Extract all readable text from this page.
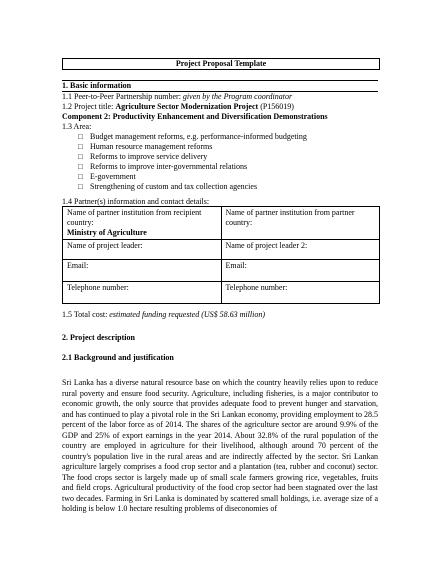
Project Proposal Template
1. Basic information
1.1 Peer-to-Peer Partnership number: given by the Program coordinator
1.2 Project title: Agriculture Sector Modernization Project (P156019)
Component 2: Productivity Enhancement and Diversification Demonstrations
1.3 Area:
□ Budget management reforms, e.g. performance-informed budgeting
□ Human resource management reforms
□ Reforms to improve service delivery
□ Reforms to improve inter-governmental relations
□ E-government
□ Strengthening of custom and tax collection agencies
1.4 Partner(s) information and contact details:
Name of partner institution from recipient country:
Ministry of Agriculture	Name of partner institution from partner country:

Name of project leader:	Name of project leader 2:
Email:	Email:
Telephone number:	Telephone number:
1.5 Total cost: estimated funding requested (US$ 58.63 million)
2. Project description
2.1 Background and justification
Sri Lanka has a diverse natural resource base on which the country heavily relies upon to reduce rural poverty and ensure food security. Agriculture, including fisheries, is a major contributor to economic growth, the only source that provides adequate food to prevent hunger and starvation, and has continued to play a pivotal role in the Sri Lankan economy, providing employment to 28.5 percent of the labor force as of 2014. The shares of the agriculture sector are around 9.9% of the GDP and 25% of export earnings in the year 2014. About 32.8% of the rural population of the country are employed in agriculture for their livelihood, although around 70 percent of the country's population live in the rural areas and are indirectly affected by the sector. Sri Lankan agriculture largely comprises a food crop sector and a plantation (tea, rubber and coconut) sector. The food crops sector is largely made up of small scale farmers growing rice, vegetables, fruits and field crops. Agricultural productivity of the food crop sector had been stagnated over the last two decades. Farming in Sri Lanka is dominated by scattered small holdings, i.e. average size of a holding is below 1.0 hectare resulting problems of diseconomies of
